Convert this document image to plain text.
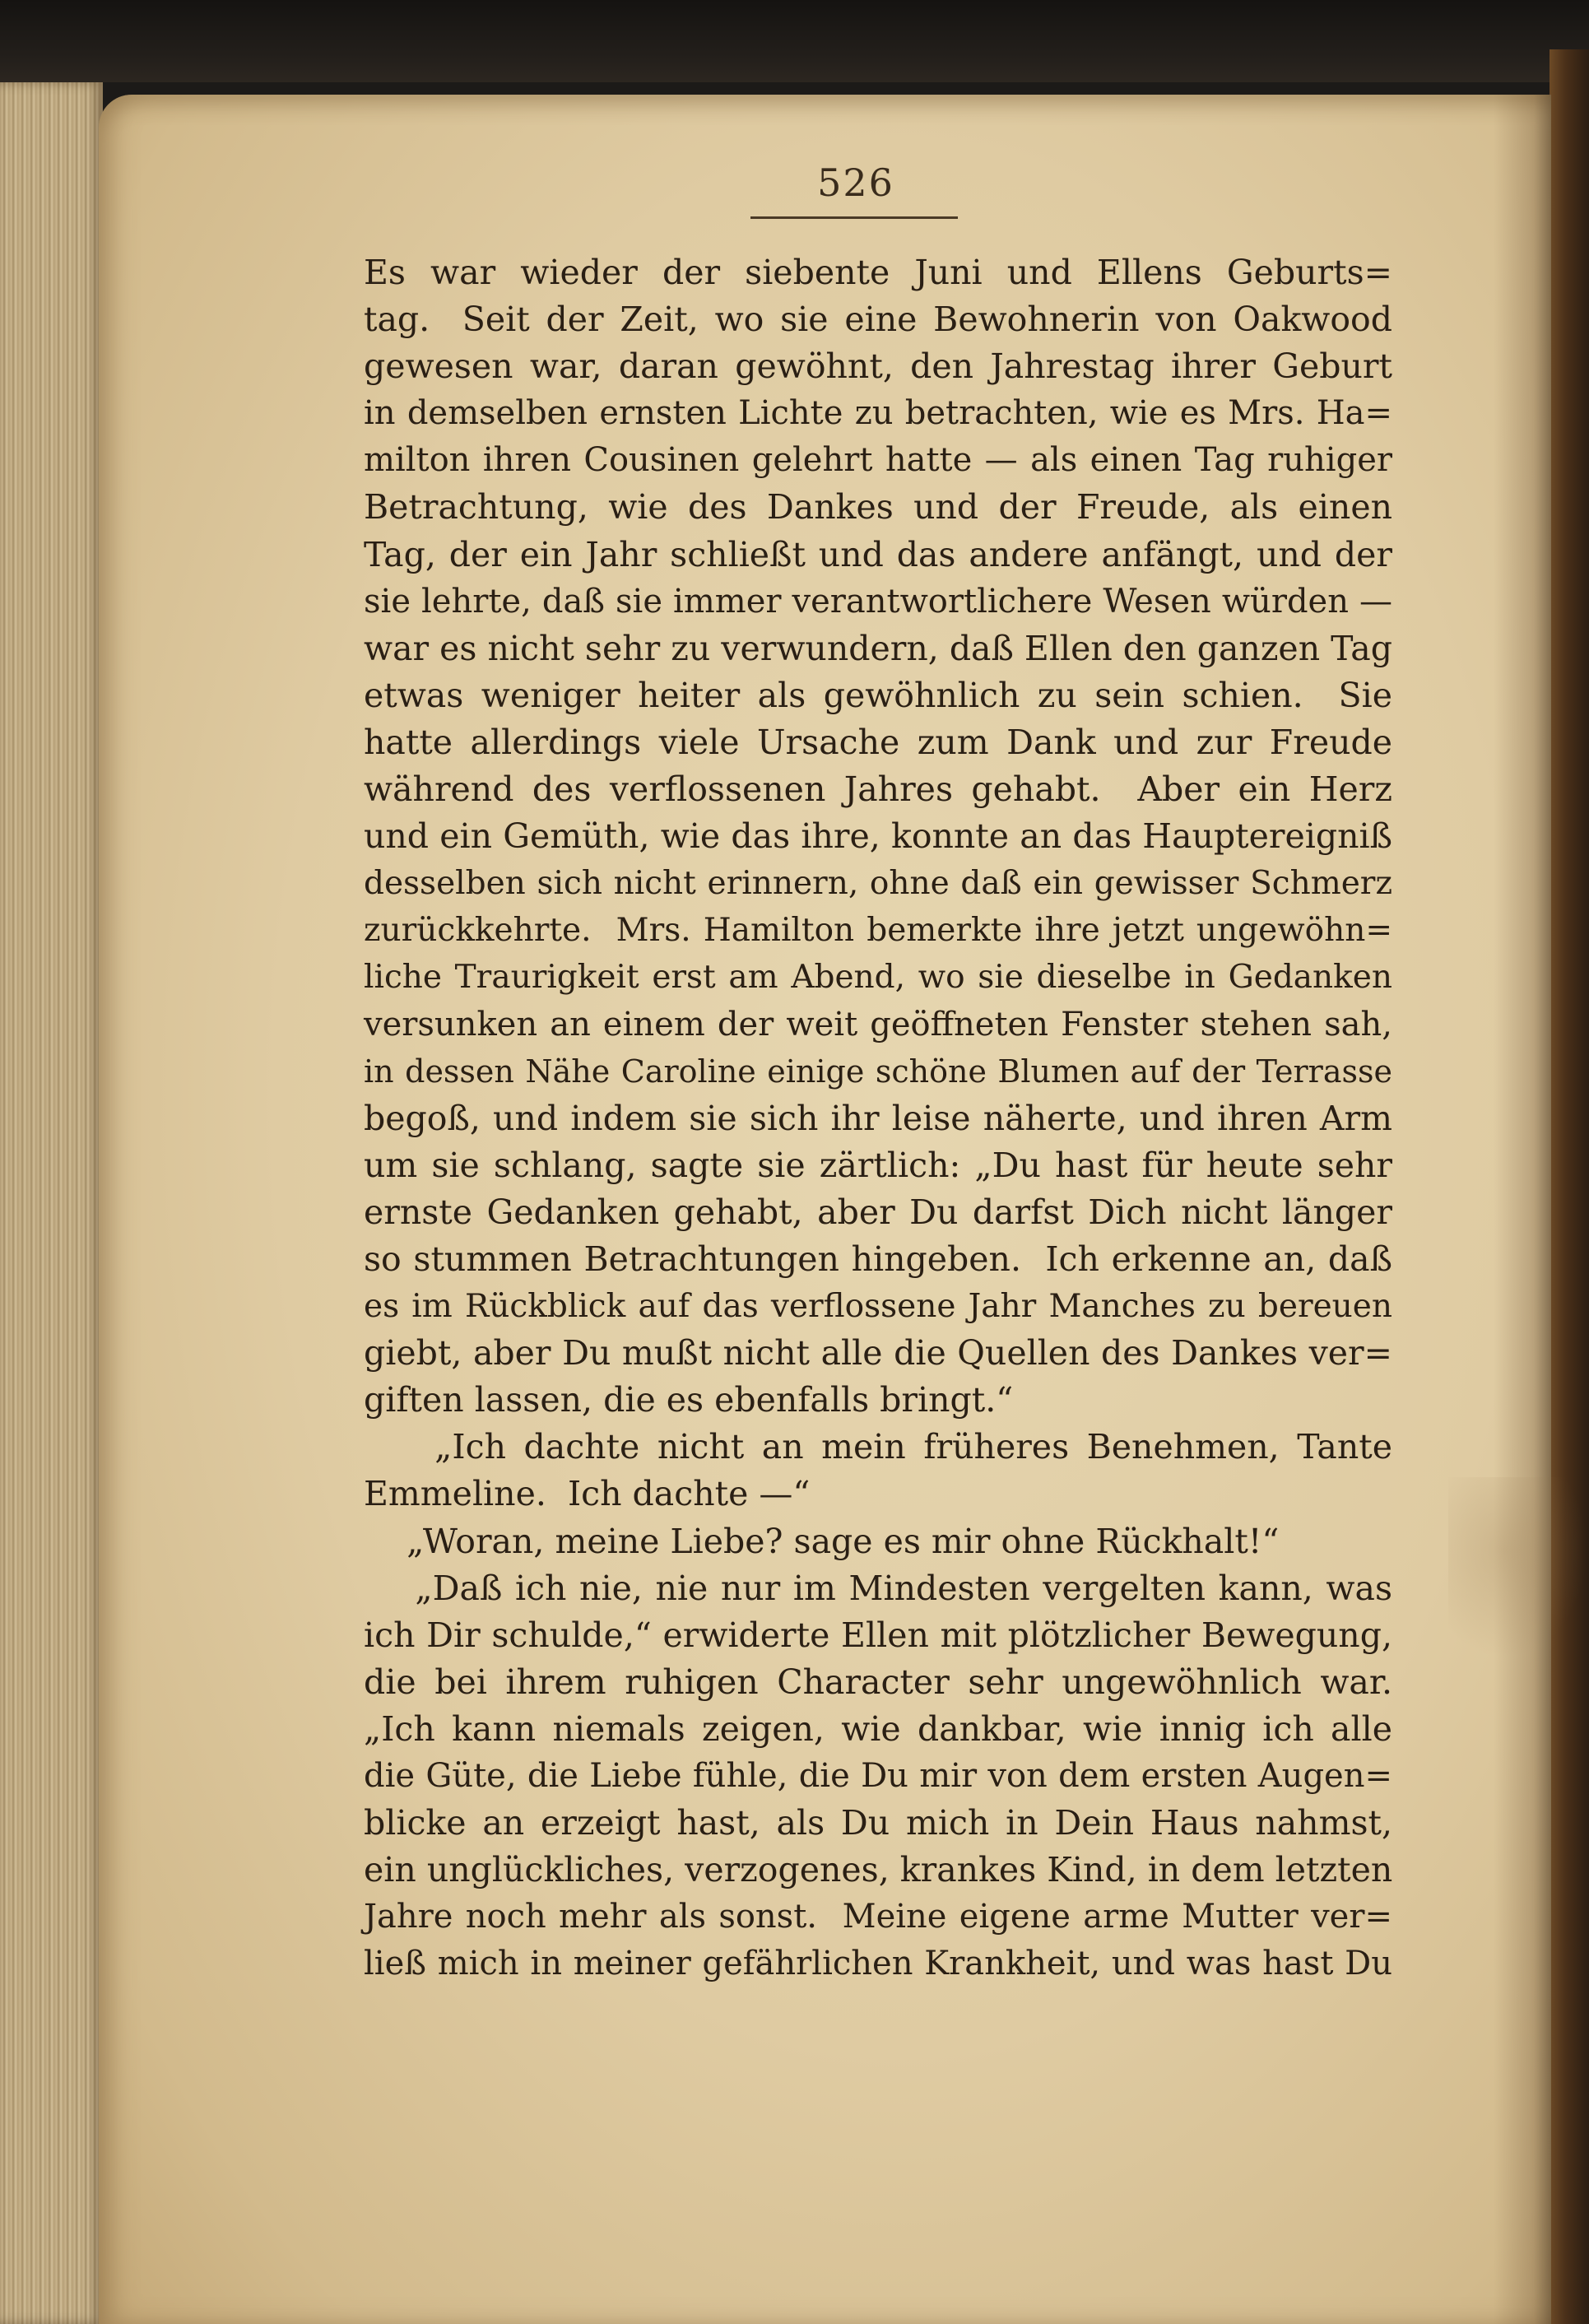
526
Es war wieder der siebente Juni und Ellens Geburts=
tag.  Seit der Zeit, wo sie eine Bewohnerin von Oakwood
gewesen war, daran gewöhnt, den Jahrestag ihrer Geburt
in demselben ernsten Lichte zu betrachten, wie es Mrs. Ha=
milton ihren Cousinen gelehrt hatte — als einen Tag ruhiger
Betrachtung, wie des Dankes und der Freude, als einen
Tag, der ein Jahr schließt und das andere anfängt, und der
sie lehrte, daß sie immer verantwortlichere Wesen würden —
war es nicht sehr zu verwundern, daß Ellen den ganzen Tag
etwas weniger heiter als gewöhnlich zu sein schien.  Sie
hatte allerdings viele Ursache zum Dank und zur Freude
während des verflossenen Jahres gehabt.  Aber ein Herz
und ein Gemüth, wie das ihre, konnte an das Hauptereigniß
desselben sich nicht erinnern, ohne daß ein gewisser Schmerz
zurückkehrte.  Mrs. Hamilton bemerkte ihre jetzt ungewöhn=
liche Traurigkeit erst am Abend, wo sie dieselbe in Gedanken
versunken an einem der weit geöffneten Fenster stehen sah,
in dessen Nähe Caroline einige schöne Blumen auf der Terrasse
begoß, und indem sie sich ihr leise näherte, und ihren Arm
um sie schlang, sagte sie zärtlich: „Du hast für heute sehr
ernste Gedanken gehabt, aber Du darfst Dich nicht länger
so stummen Betrachtungen hingeben.  Ich erkenne an, daß
es im Rückblick auf das verflossene Jahr Manches zu bereuen
giebt, aber Du mußt nicht alle die Quellen des Dankes ver=
giften lassen, die es ebenfalls bringt.“
„Ich dachte nicht an mein früheres Benehmen, Tante
Emmeline.  Ich dachte —“
„Woran, meine Liebe? sage es mir ohne Rückhalt!“
„Daß ich nie, nie nur im Mindesten vergelten kann, was
ich Dir schulde,“ erwiderte Ellen mit plötzlicher Bewegung,
die bei ihrem ruhigen Character sehr ungewöhnlich war.
„Ich kann niemals zeigen, wie dankbar, wie innig ich alle
die Güte, die Liebe fühle, die Du mir von dem ersten Augen=
blicke an erzeigt hast, als Du mich in Dein Haus nahmst,
ein unglückliches, verzogenes, krankes Kind, in dem letzten
Jahre noch mehr als sonst.  Meine eigene arme Mutter ver=
ließ mich in meiner gefährlichen Krankheit, und was hast Du
